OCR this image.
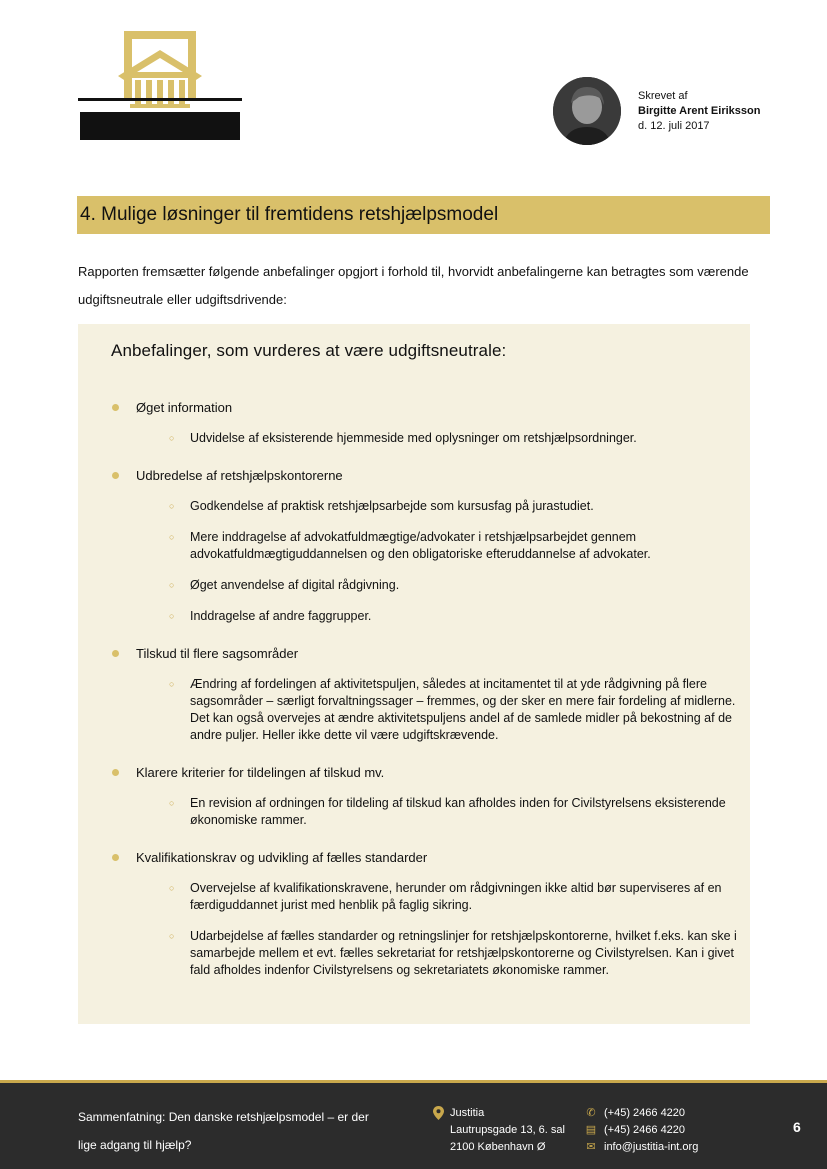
Skrevet af
Birgitte Arent Eiriksson
d. 12. juli 2017
4. Mulige løsninger til fremtidens retshjælpsmodel
Rapporten fremsætter følgende anbefalinger opgjort i forhold til, hvorvidt anbefalingerne kan betragtes som værende udgiftsneutrale eller udgiftsdrivende:
Anbefalinger, som vurderes at være udgiftsneutrale:
Øget information
○ Udvidelse af eksisterende hjemmeside med oplysninger om retshjælpsordninger.
Udbredelse af retshjælpskontorerne
○ Godkendelse af praktisk retshjælpsarbejde som kursusfag på jurastudiet.
○ Mere inddragelse af advokatfuldmægtige/advokater i retshjælpsarbejdet gennem advokatfuldmægtiguddannelsen og den obligatoriske efteruddannelse af advokater.
○ Øget anvendelse af digital rådgivning.
○ Inddragelse af andre faggrupper.
Tilskud til flere sagsområder
○ Ændring af fordelingen af aktivitetspuljen, således at incitamentet til at yde rådgivning på flere sagsområder – særligt forvaltningssager – fremmes, og der sker en mere fair fordeling af midlerne. Det kan også overvejes at ændre aktivitetspuljens andel af de samlede midler på bekostning af de andre puljer. Heller ikke dette vil være udgiftskrævende.
Klarere kriterier for tildelingen af tilskud mv.
○ En revision af ordningen for tildeling af tilskud kan afholdes inden for Civilstyrelsens eksisterende økonomiske rammer.
Kvalifikationskrav og udvikling af fælles standarder
○ Overvejelse af kvalifikationskravene, herunder om rådgivningen ikke altid bør superviseres af en færdiguddannet jurist med henblik på faglig sikring.
○ Udarbejdelse af fælles standarder og retningslinjer for retshjælpskontorerne, hvilket f.eks. kan ske i samarbejde mellem et evt. fælles sekretariat for retshjælpskontorerne og Civilstyrelsen. Kan i givet fald afholdes indenfor Civilstyrelsens og sekretariatets økonomiske rammer.
Sammenfatning: Den danske retshjælpsmodel – er der lige adgang til hjælp?
Justitia
Lautrupsgade 13, 6. sal
2100 København Ø
✆ (+45) 2466 4220
▤ (+45) 2466 4220
✉ info@justitia-int.org
6
